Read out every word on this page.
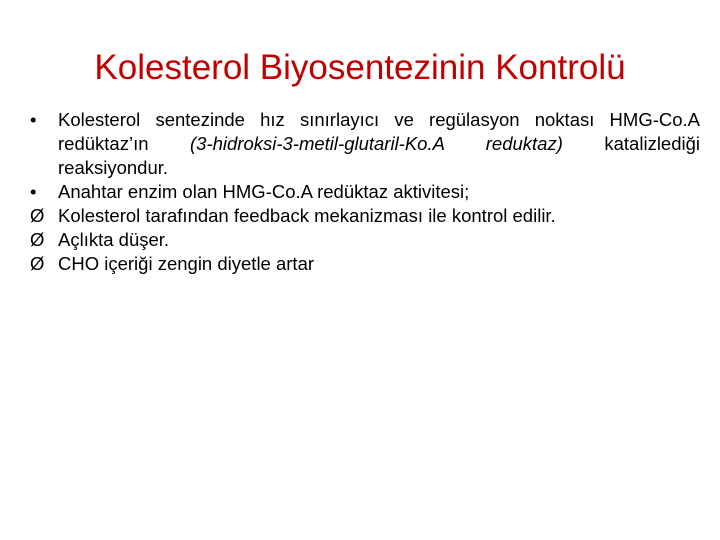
Kolesterol Biyosentezinin Kontrolü
•	Kolesterol sentezinde hız sınırlayıcı ve regülasyon noktası HMG-Co.A redüktaz’ın (3-hidroksi-3-metil-glutaril-Ko.A reduktaz) katalizlediği reaksiyondur.
•	Anahtar enzim olan HMG-Co.A redüktaz aktivitesi;
Ø Kolesterol tarafından feedback mekanizması ile kontrol edilir.
Ø Açlıkta düşer.
Ø CHO içeriği zengin diyetle artar
